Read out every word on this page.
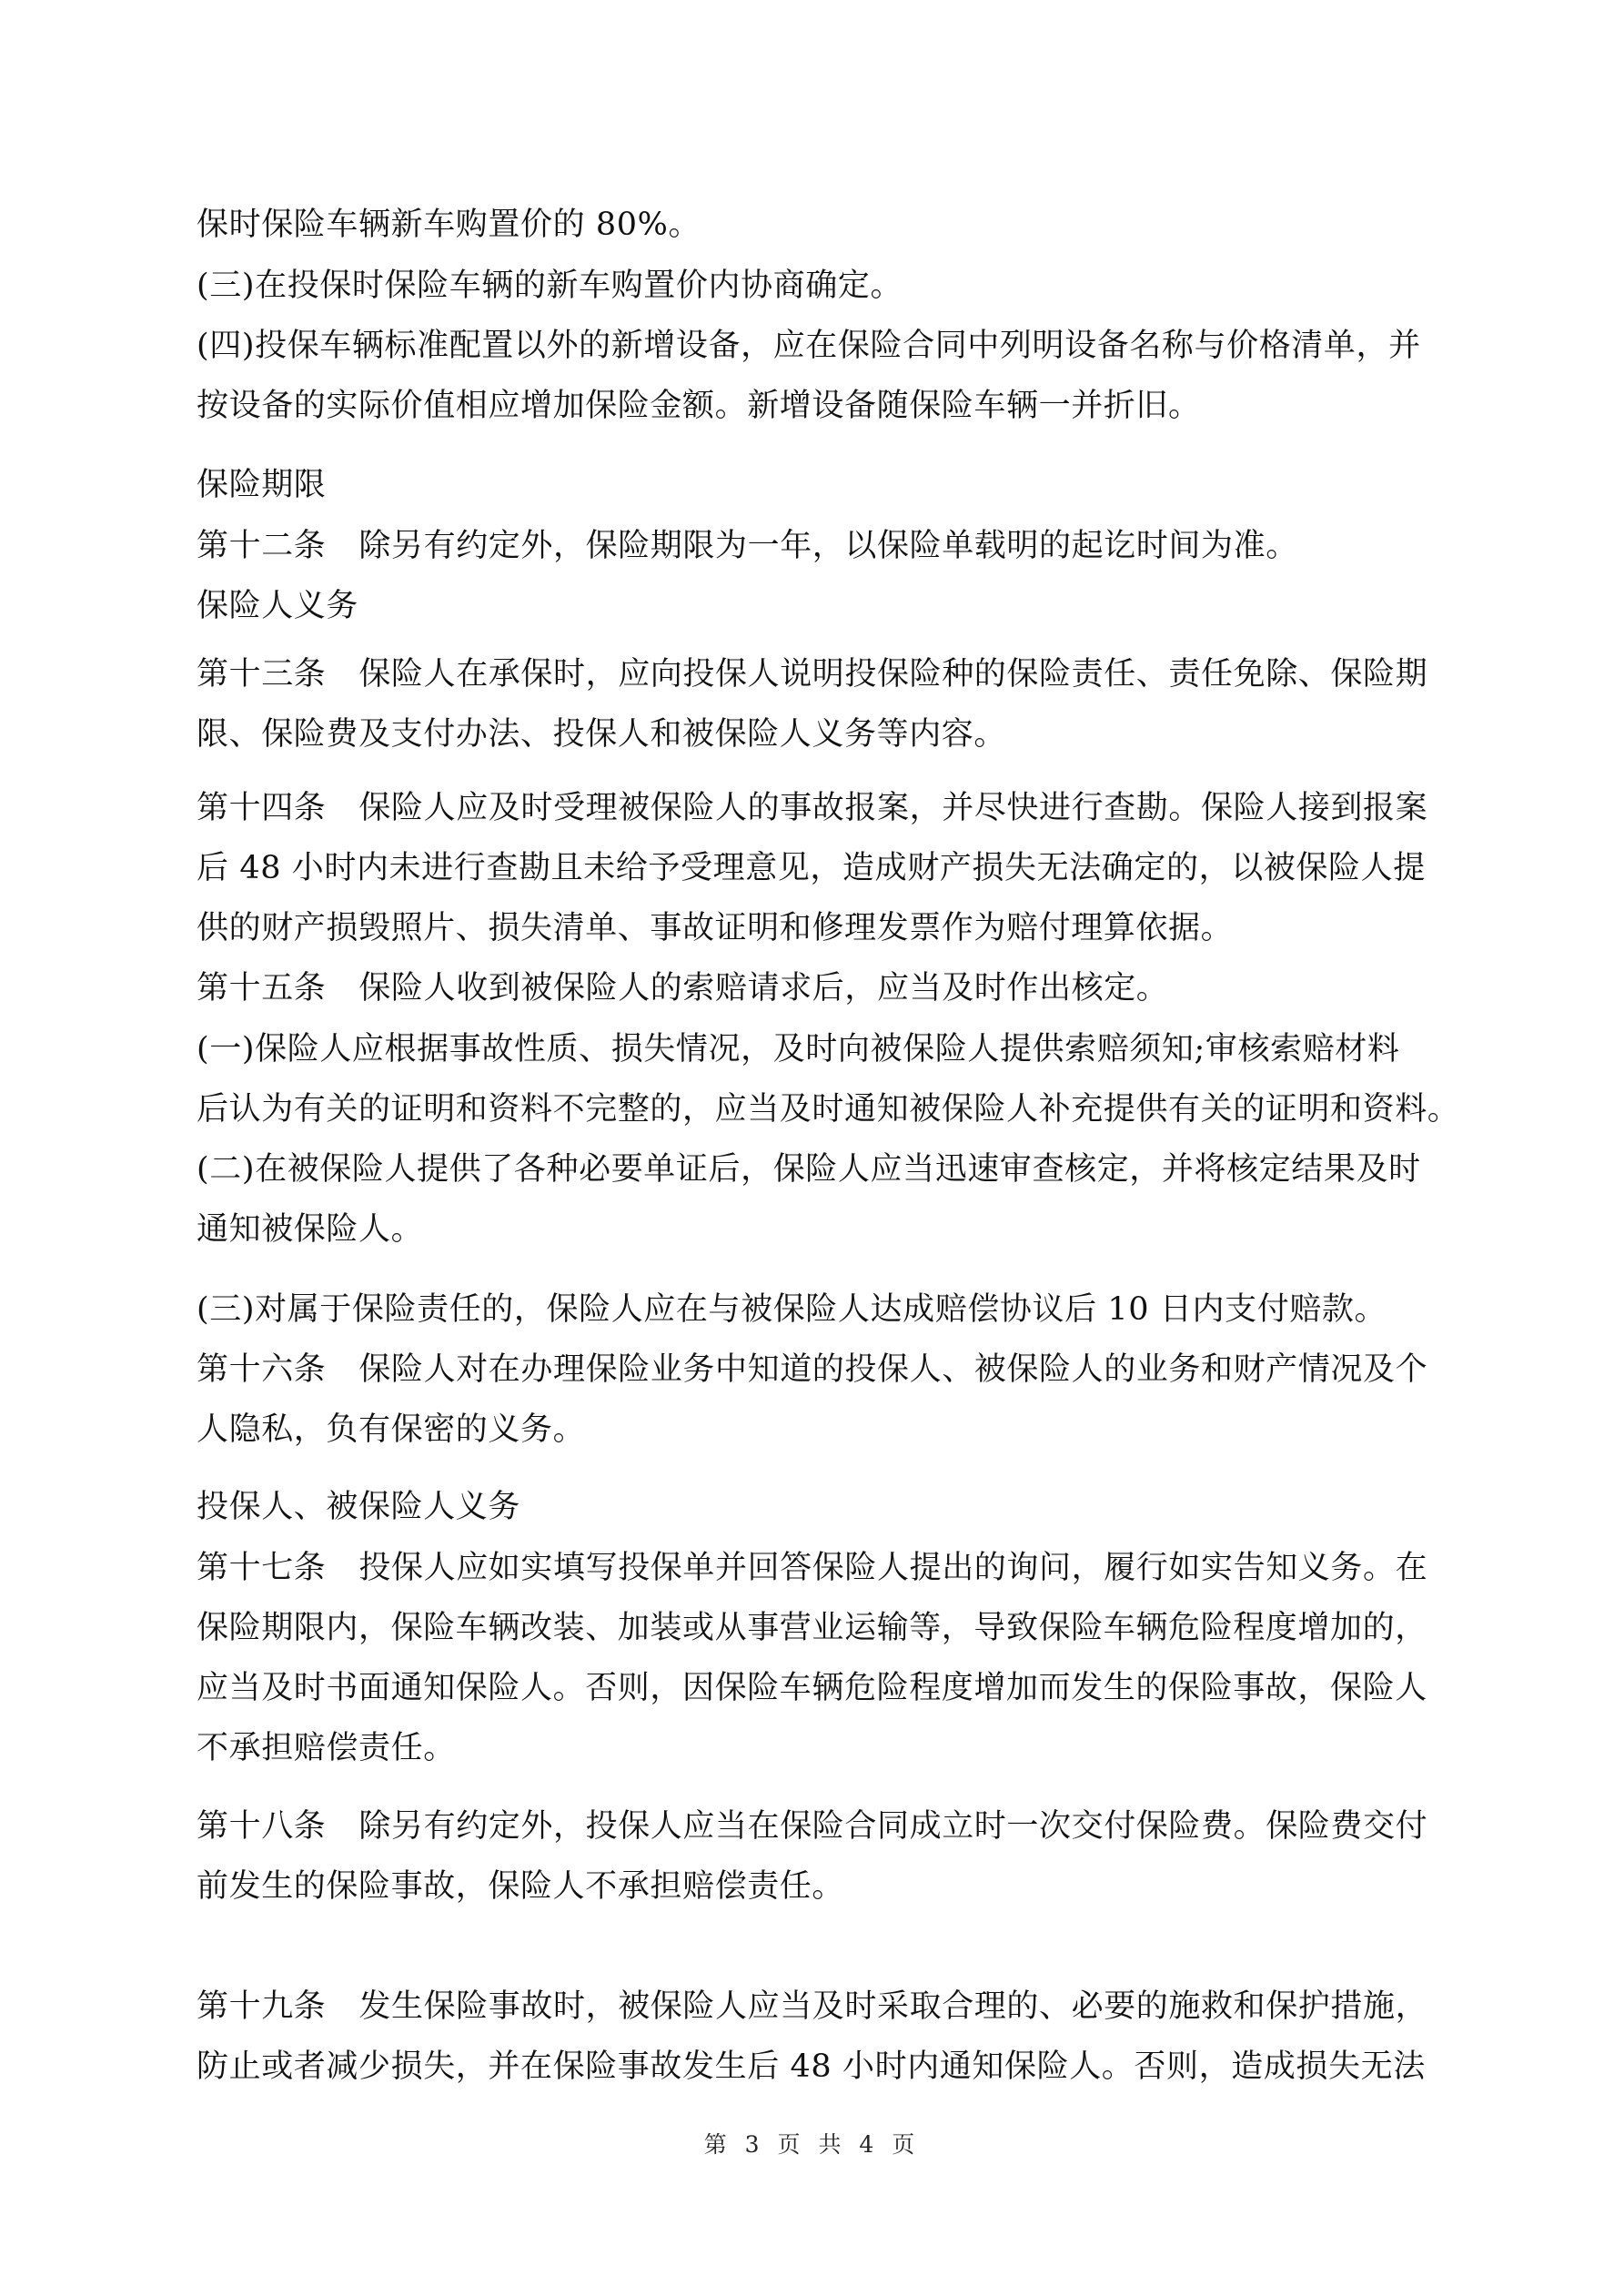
保时保险车辆新车购置价的 80%。
(三)在投保时保险车辆的新车购置价内协商确定。
(四)投保车辆标准配置以外的新增设备，应在保险合同中列明设备名称与价格清单，并
按设备的实际价值相应增加保险金额。新增设备随保险车辆一并折旧。
保险期限
第十二条 除另有约定外，保险期限为一年，以保险单载明的起讫时间为准。
保险人义务
第十三条 保险人在承保时，应向投保人说明投保险种的保险责任、责任免除、保险期
限、保险费及支付办法、投保人和被保险人义务等内容。
第十四条 保险人应及时受理被保险人的事故报案，并尽快进行查勘。保险人接到报案
后 48 小时内未进行查勘且未给予受理意见，造成财产损失无法确定的，以被保险人提
供的财产损毁照片、损失清单、事故证明和修理发票作为赔付理算依据。
第十五条 保险人收到被保险人的索赔请求后，应当及时作出核定。
(一)保险人应根据事故性质、损失情况，及时向被保险人提供索赔须知;审核索赔材料
后认为有关的证明和资料不完整的，应当及时通知被保险人补充提供有关的证明和资料。
(二)在被保险人提供了各种必要单证后，保险人应当迅速审查核定，并将核定结果及时
通知被保险人。
(三)对属于保险责任的，保险人应在与被保险人达成赔偿协议后 10 日内支付赔款。
第十六条 保险人对在办理保险业务中知道的投保人、被保险人的业务和财产情况及个
人隐私，负有保密的义务。
投保人、被保险人义务
第十七条 投保人应如实填写投保单并回答保险人提出的询问，履行如实告知义务。在
保险期限内，保险车辆改装、加装或从事营业运输等，导致保险车辆危险程度增加的，
应当及时书面通知保险人。否则，因保险车辆危险程度增加而发生的保险事故，保险人
不承担赔偿责任。
第十八条 除另有约定外，投保人应当在保险合同成立时一次交付保险费。保险费交付
前发生的保险事故，保险人不承担赔偿责任。
第十九条 发生保险事故时，被保险人应当及时采取合理的、必要的施救和保护措施，
防止或者减少损失，并在保险事故发生后 48 小时内通知保险人。否则，造成损失无法
第 3 页 共 4 页
